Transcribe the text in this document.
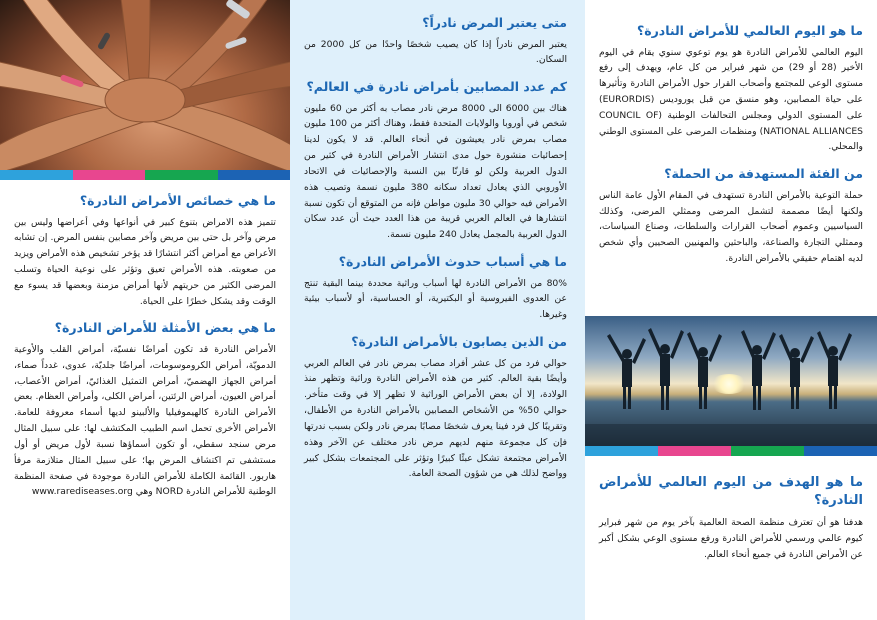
ما هي خصائص الأمراض النادرة؟

تتميز هذه الامراض بتنوع كبير في أنواعها وفي أعراضها وليس بين مرض وآخر بل حتى بين مريض وآخر مصابين بنفس المرض. إن تشابه الأعراض مع أمراض أكثر انتشارًا قد يؤخر تشخيص هذه الأمراض ويزيد من صعوبته. هذه الأمراض تعيق وتؤثر على نوعية الحياة وتسلب المرضى الكثير من حريتهم لأنها أمراض مزمنة وبعضها قد يسوء مع الوقت وقد يشكل خطرًا على الحياة.

ما هي بعض الأمثلة للأمراض النادرة؟

الأمراض النادرة قد تكون أمراضًا نفسيّة، أمراض القلب والأوعية الدمويّة، أمراض الكروموسومات، أمراضًا جلديّة، عدوى، غدداً صماء، أمراض الجهاز الهضميّ، أمراض التمثيل الغذائيّ، أمراض الأعصاب، أمراض العيون، أمراض الرئتين، أمراض الكلى، وأمراض العظام. بعض الأمراض النادرة كالهيموفيليا والألبينو لديها أسماء معروفة للعامة. الأمراض الأخرى تحمل اسم الطبيب المكتشف لها: على سبيل المثال مرض سنجد سقطي، أو تكون أسماؤها نسبة لأول مريض أو أول مستشفى تم اكتشاف المرض بها؛ على سبيل المثال متلازمة مرفأ هاربور. القائمة الكاملة للأمراض النادرة موجودة في صفحة المنظمة الوطنية للأمراض النادرة NORD وهي www.rarediseases.org

متى يعتبر المرض نادراً؟

يعتبر المرض نادراً إذا كان يصيب شخصًا واحدًا من كل 2000 من السكان.

كم عدد المصابين بأمراض نادرة في العالم؟

هناك بين 6000 الى 8000 مرض نادر مصاب به أكثر من 60 مليون شخص في أوروبا والولايات المتحدة فقط، وهناك أكثر من 100 مليون مصاب بمرض نادر يعيشون في أنحاء العالم. قد لا يكون لدينا إحصائيات منشورة حول مدى انتشار الأمراض النادرة في كثير من الدول العربية ولكن لو قارنّا بين النسبة والإحصائيات في الاتحاد الأوروبي الذي يعادل تعداد سكانه 380 مليون نسمة وتصيب هذه الأمراض فيه حوالي 30 مليون مواطن فإنه من المتوقع أن تكون نسبة انتشارها في العالم العربي قريبة من هذا العدد حيث أن عدد سكان الدول العربية بالمجمل يعادل 240 مليون نسمة.

ما هي أسباب حدوث الأمراض النادرة؟

80% من الأمراض النادرة لها أسباب وراثية محددة بينما البقية تنتج عن العدوى الفيروسية أو البكتيرية، أو الحساسية، أو لأسباب بيئية وغيرها.

من الذين يصابون بالأمراض النادرة؟

حوالي فرد من كل عشر أفراد مصاب بمرض نادر في العالم العربي وأيضًا بقية العالم. كثير من هذه الأمراض النادرة وراثية وتظهر منذ الولادة، إلا أن بعض الأمراض الوراثية لا تظهر إلا في وقت متأخر. حوالي 50% من الأشخاص المصابين بالأمراض النادرة من الأطفال، وتقريبًا كل فرد فينا يعرف شخصًا مصابًا بمرض نادر ولكن بسبب ندرتها فإن كل مجموعة منهم لديهم مرض نادر مختلف عن الآخر وهذه الأمراض مجتمعة تشكل عبئًا كبيرًا وتؤثر على المجتمعات بشكل كبير وواضح لذلك هي من شؤون الصحة العامة.

ما هو اليوم العالمي للأمراض النادرة؟

اليوم العالمي للأمراض النادرة هو يوم توعوي سنوي يقام في اليوم الأخير (28 أو 29) من شهر فبراير من كل عام، ويهدف إلى رفع مستوى الوعي للمجتمع وأصحاب القرار حول الأمراض النادرة وتأثيرها على حياة المصابين، وهو منسق من قبل يوروديس (EURORDIS) على المستوى الدولي ومجلس التحالفات الوطنية (COUNCIL OF NATIONAL ALLIANCES) ومنظمات المرضى على المستوى الوطني والمحلي.

من الفئة المستهدفة من الحملة؟

حملة التوعية بالأمراض النادرة تستهدف في المقام الأول عامة الناس ولكنها أيضًا مصممة لتشمل المرضى وممثلي المرضى، وكذلك السياسيين وعموم أصحاب القرارات والسلطات، وصناع السياسات، وممثلي التجارة والصناعة، والباحثين والمهنيين الصحيين وأي شخص لديه اهتمام حقيقي بالأمراض النادرة.

ما هو الهدف من اليوم العالمي للأمراض النادرة؟

هدفنا هو أن تعترف منظمة الصحة العالمية بآخر يوم من شهر فبراير كيوم عالمي ورسمي للأمراض النادرة ورفع مستوى الوعي بشكل أكبر عن الأمراض النادرة في جميع أنحاء العالم.
